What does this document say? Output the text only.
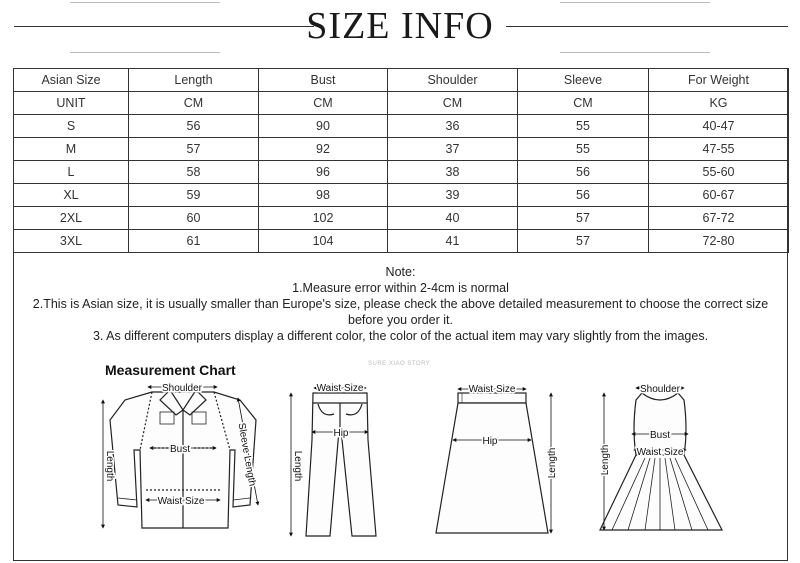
SIZE INFO
Asian Size	Length	Bust	Shoulder	Sleeve	For Weight
UNIT	CM	CM	CM	CM	KG
S	56	90	36	55	40-47
M	57	92	37	55	47-55
L	58	96	38	56	55-60
XL	59	98	39	56	60-67
2XL	60	102	40	57	67-72
3XL	61	104	41	57	72-80
Note:
1.Measure error within 2-4cm is normal
2.This is Asian size, it is usually smaller than Europe's size, please check the above detailed measurement to choose the correct size
before you order it.
3. As different computers display a different color, the color of the actual item may vary slightly from the images.
Measurement Chart	SURE XIAO STORY
Shoulder
Bust
Waist Size
Length	Sleeve Length
Waist Size
Hip
Length
Waist Size
Hip
Length
Shoulder
Bust
Waist Size
Length
